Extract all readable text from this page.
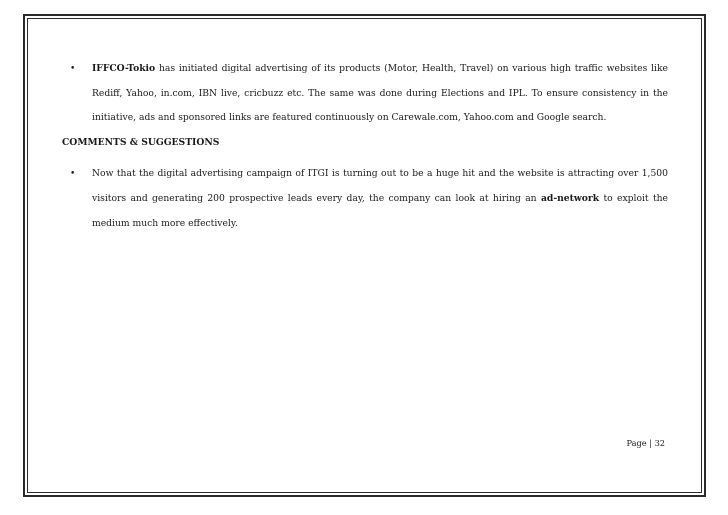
• IFFCO-Tokio has initiated digital advertising of its products (Motor, Health, Travel) on various high traffic websites like Rediff, Yahoo, in.com, IBN live, cricbuzz etc. The same was done during Elections and IPL. To ensure consistency in the initiative, ads and sponsored links are featured continuously on Carewale.com, Yahoo.com and Google search.
COMMENTS & SUGGESTIONS
• Now that the digital advertising campaign of ITGI is turning out to be a huge hit and the website is attracting over 1,500 visitors and generating 200 prospective leads every day, the company can look at hiring an ad-network to exploit the medium much more effectively.
Page | 32
